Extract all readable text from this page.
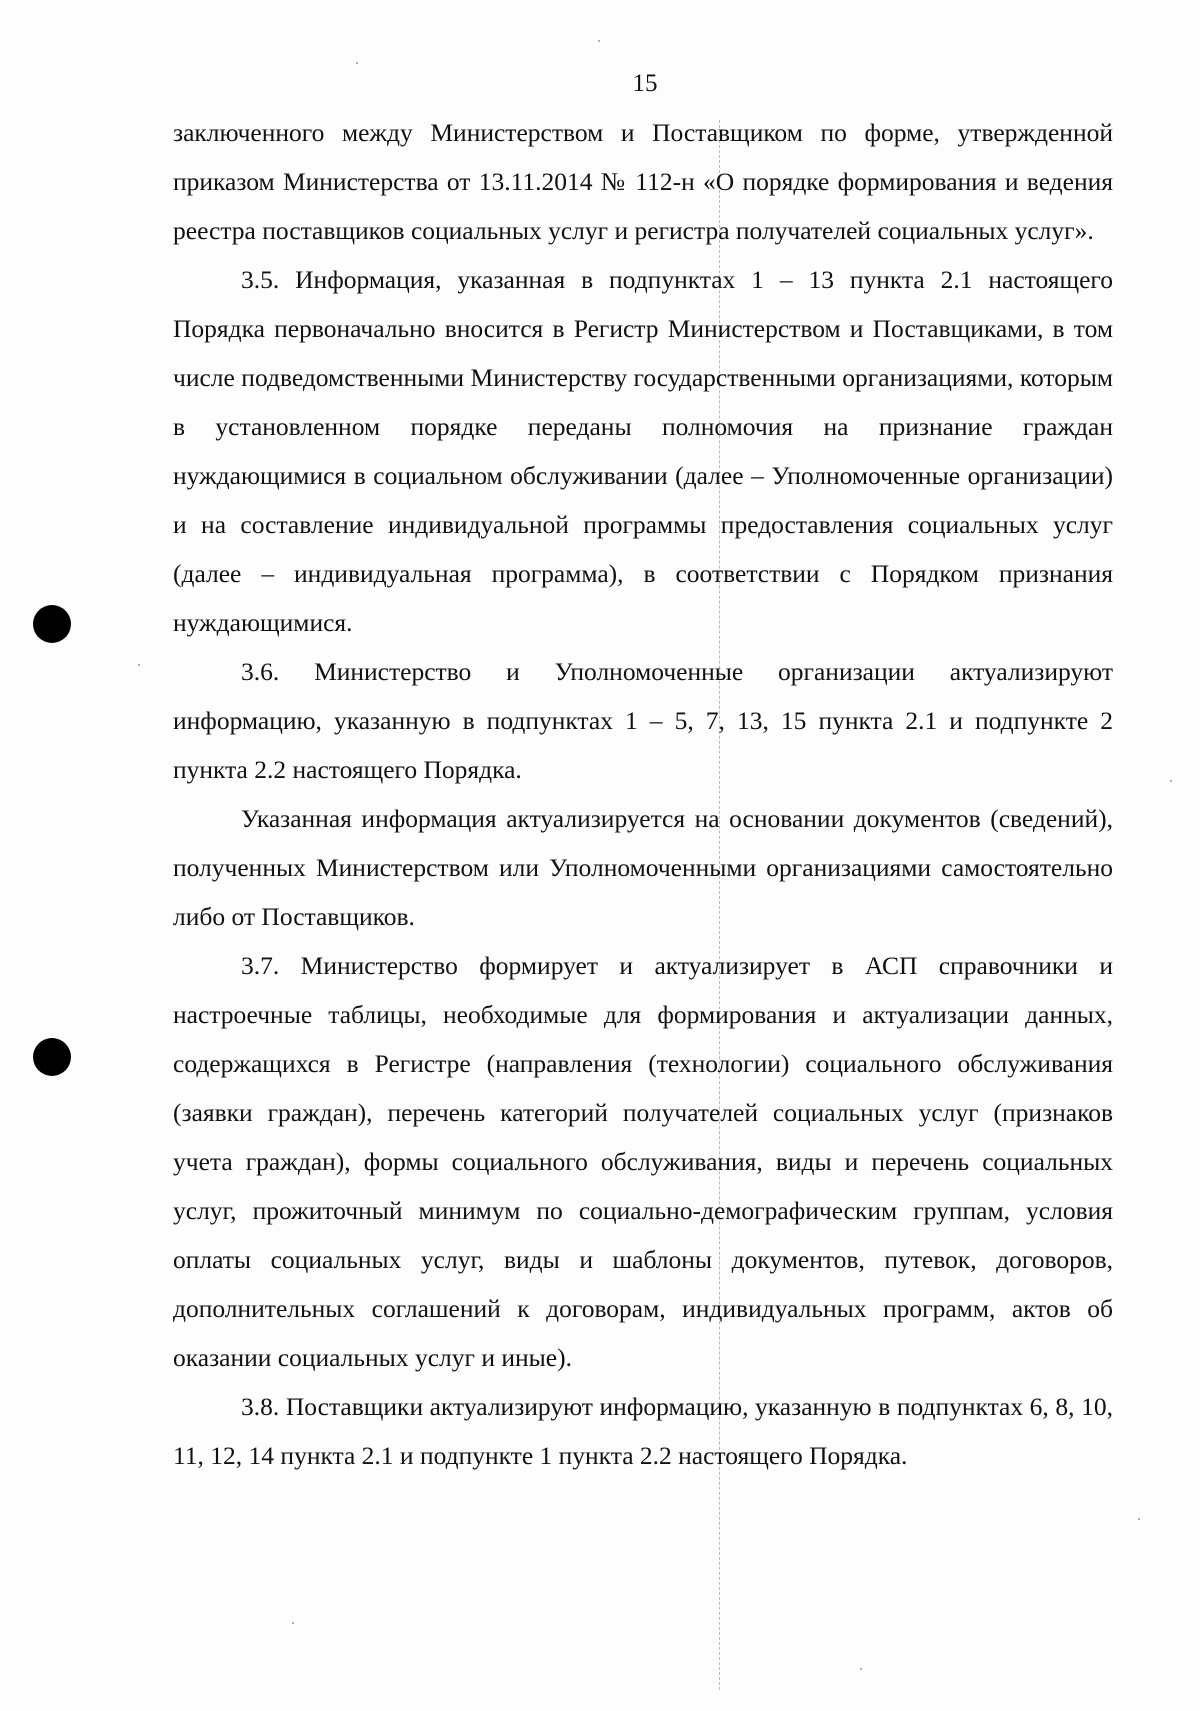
15

заключенного между Министерством и Поставщиком по форме, утвержденной приказом Министерства от 13.11.2014 № 112-н «О порядке формирования и ведения реестра поставщиков социальных услуг и регистра получателей социальных услуг».

3.5. Информация, указанная в подпунктах 1 – 13 пункта 2.1 настоящего Порядка первоначально вносится в Регистр Министерством и Поставщиками, в том числе подведомственными Министерству государственными организациями, которым в установленном порядке переданы полномочия на признание граждан нуждающимися в социальном обслуживании (далее – Уполномоченные организации) и на составление индивидуальной программы предоставления социальных услуг (далее – индивидуальная программа), в соответствии с Порядком признания нуждающимися.

3.6. Министерство и Уполномоченные организации актуализируют информацию, указанную в подпунктах 1 – 5, 7, 13, 15 пункта 2.1 и подпункте 2 пункта 2.2 настоящего Порядка.

Указанная информация актуализируется на основании документов (сведений), полученных Министерством или Уполномоченными организациями самостоятельно либо от Поставщиков.

3.7. Министерство формирует и актуализирует в АСП справочники и настроечные таблицы, необходимые для формирования и актуализации данных, содержащихся в Регистре (направления (технологии) социального обслуживания (заявки граждан), перечень категорий получателей социальных услуг (признаков учета граждан), формы социального обслуживания, виды и перечень социальных услуг, прожиточный минимум по социально-демографическим группам, условия оплаты социальных услуг, виды и шаблоны документов, путевок, договоров, дополнительных соглашений к договорам, индивидуальных программ, актов об оказании социальных услуг и иные).

3.8. Поставщики актуализируют информацию, указанную в подпунктах 6, 8, 10, 11, 12, 14 пункта 2.1 и подпункте 1 пункта 2.2 настоящего Порядка.
